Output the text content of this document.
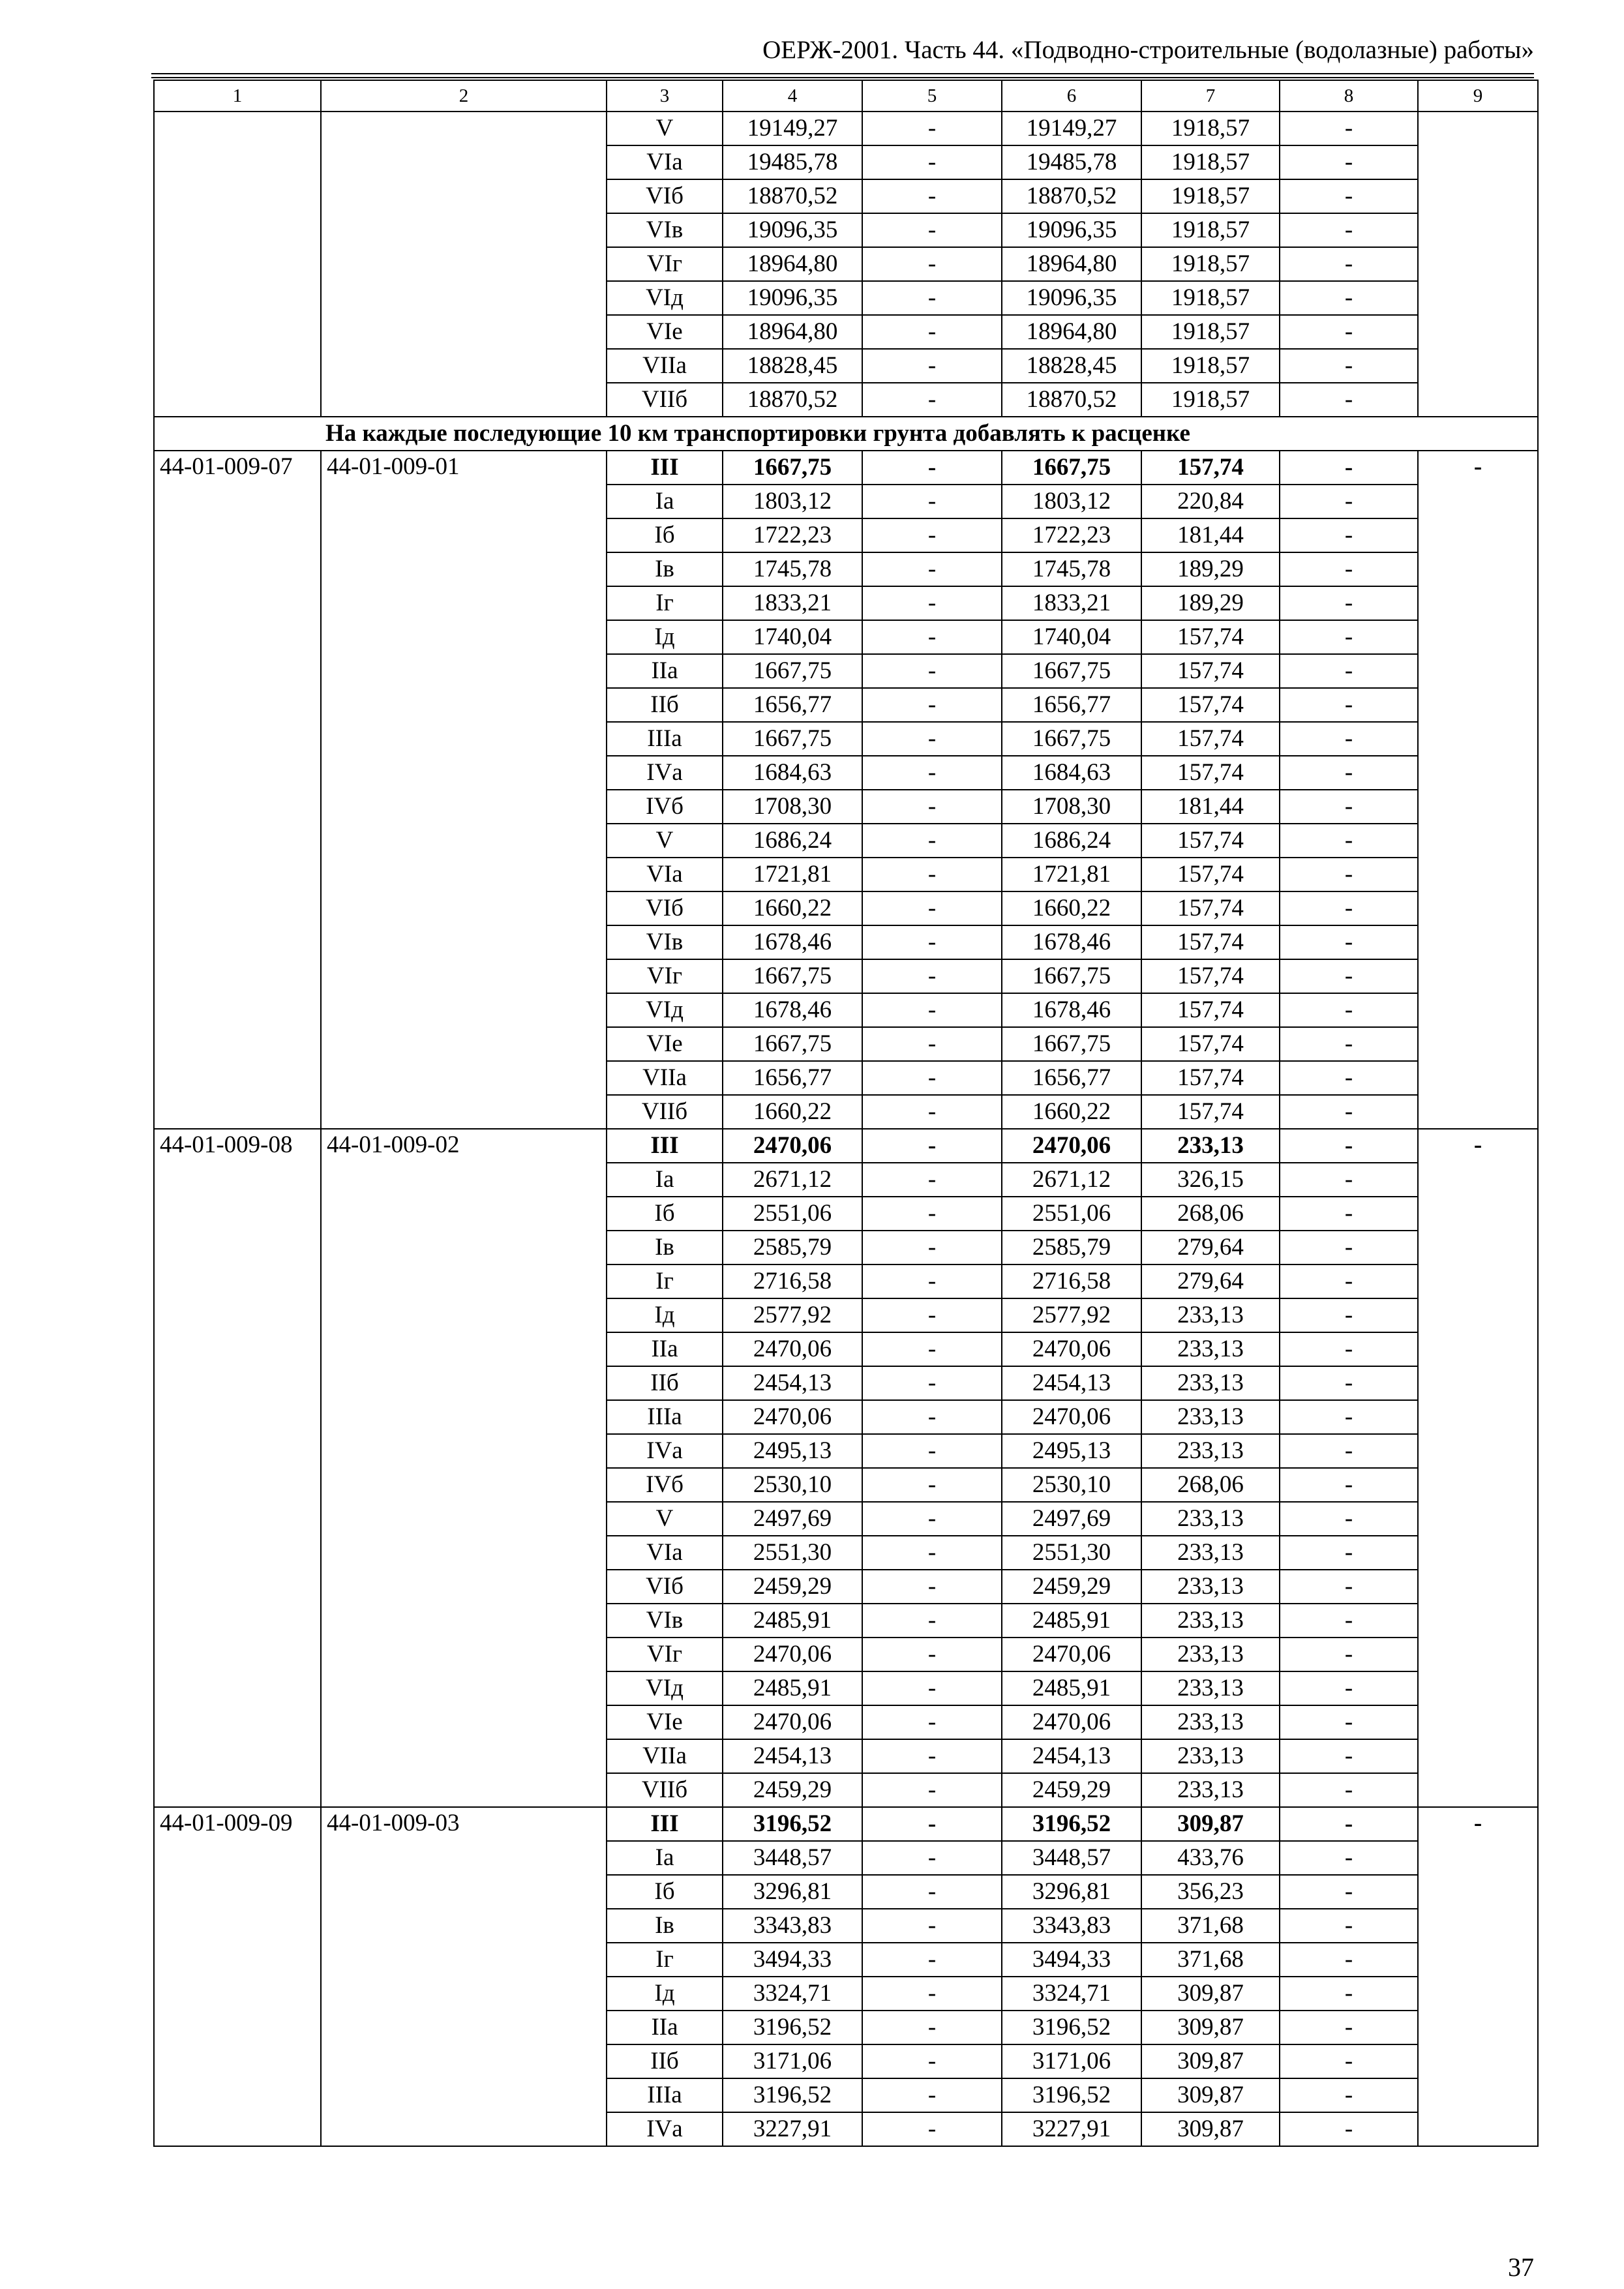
ОЕРЖ-2001. Часть 44. «Подводно-строительные (водолазные) работы»
1	2	3	4	5	6	7	8	9
		V	19149,27	-	19149,27	1918,57	-	
		VIа	19485,78	-	19485,78	1918,57	-	
		VIб	18870,52	-	18870,52	1918,57	-	
		VIв	19096,35	-	19096,35	1918,57	-	
		VIг	18964,80	-	18964,80	1918,57	-	
		VIд	19096,35	-	19096,35	1918,57	-	
		VIе	18964,80	-	18964,80	1918,57	-	
		VIIа	18828,45	-	18828,45	1918,57	-	
		VIIб	18870,52	-	18870,52	1918,57	-	
На каждые последующие 10 км транспортировки грунта добавлять к расценке								
44-01-009-07	44-01-009-01	III	1667,75	-	1667,75	157,74	-	-
		Iа	1803,12	-	1803,12	220,84	-	
		Iб	1722,23	-	1722,23	181,44	-	
		Iв	1745,78	-	1745,78	189,29	-	
		Iг	1833,21	-	1833,21	189,29	-	
		Iд	1740,04	-	1740,04	157,74	-	
		IIа	1667,75	-	1667,75	157,74	-	
		IIб	1656,77	-	1656,77	157,74	-	
		IIIа	1667,75	-	1667,75	157,74	-	
		IVа	1684,63	-	1684,63	157,74	-	
		IVб	1708,30	-	1708,30	181,44	-	
		V	1686,24	-	1686,24	157,74	-	
		VIа	1721,81	-	1721,81	157,74	-	
		VIб	1660,22	-	1660,22	157,74	-	
		VIв	1678,46	-	1678,46	157,74	-	
		VIг	1667,75	-	1667,75	157,74	-	
		VIд	1678,46	-	1678,46	157,74	-	
		VIе	1667,75	-	1667,75	157,74	-	
		VIIа	1656,77	-	1656,77	157,74	-	
		VIIб	1660,22	-	1660,22	157,74	-	
44-01-009-08	44-01-009-02	III	2470,06	-	2470,06	233,13	-	-
		Iа	2671,12	-	2671,12	326,15	-	
		Iб	2551,06	-	2551,06	268,06	-	
		Iв	2585,79	-	2585,79	279,64	-	
		Iг	2716,58	-	2716,58	279,64	-	
		Iд	2577,92	-	2577,92	233,13	-	
		IIа	2470,06	-	2470,06	233,13	-	
		IIб	2454,13	-	2454,13	233,13	-	
		IIIа	2470,06	-	2470,06	233,13	-	
		IVа	2495,13	-	2495,13	233,13	-	
		IVб	2530,10	-	2530,10	268,06	-	
		V	2497,69	-	2497,69	233,13	-	
		VIа	2551,30	-	2551,30	233,13	-	
		VIб	2459,29	-	2459,29	233,13	-	
		VIв	2485,91	-	2485,91	233,13	-	
		VIг	2470,06	-	2470,06	233,13	-	
		VIд	2485,91	-	2485,91	233,13	-	
		VIе	2470,06	-	2470,06	233,13	-	
		VIIа	2454,13	-	2454,13	233,13	-	
		VIIб	2459,29	-	2459,29	233,13	-	
44-01-009-09	44-01-009-03	III	3196,52	-	3196,52	309,87	-	-
		Iа	3448,57	-	3448,57	433,76	-	
		Iб	3296,81	-	3296,81	356,23	-	
		Iв	3343,83	-	3343,83	371,68	-	
		Iг	3494,33	-	3494,33	371,68	-	
		Iд	3324,71	-	3324,71	309,87	-	
		IIа	3196,52	-	3196,52	309,87	-	
		IIб	3171,06	-	3171,06	309,87	-	
		IIIа	3196,52	-	3196,52	309,87	-	
		IVа	3227,91	-	3227,91	309,87	-	
37
